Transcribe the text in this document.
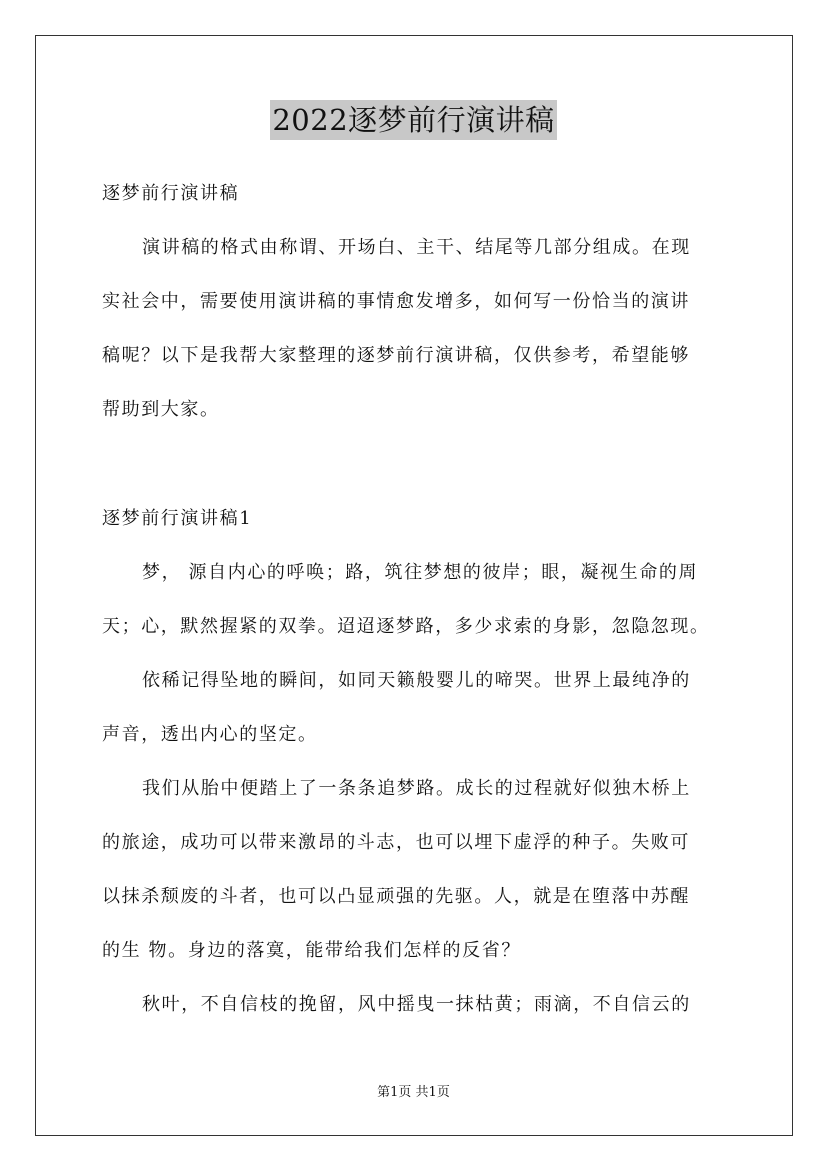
2022逐梦前行演讲稿
逐梦前行演讲稿
演讲稿的格式由称谓、开场白、主干、结尾等几部分组成。在现
实社会中，需要使用演讲稿的事情愈发增多，如何写一份恰当的演讲
稿呢？以下是我帮大家整理的逐梦前行演讲稿，仅供参考，希望能够
帮助到大家。
逐梦前行演讲稿1
梦， 源自内心的呼唤；路，筑往梦想的彼岸；眼，凝视生命的周
天；心，默然握紧的双拳。迢迢逐梦路，多少求索的身影，忽隐忽现。
依稀记得坠地的瞬间，如同天籁般婴儿的啼哭。世界上最纯净的
声音，透出内心的坚定。
我们从胎中便踏上了一条条追梦路。成长的过程就好似独木桥上
的旅途，成功可以带来激昂的斗志，也可以埋下虚浮的种子。失败可
以抹杀颓废的斗者，也可以凸显顽强的先驱。人，就是在堕落中苏醒
的生 物。身边的落寞，能带给我们怎样的反省？
秋叶，不自信枝的挽留，风中摇曳一抹枯黄；雨滴，不自信云的
第1页 共1页
